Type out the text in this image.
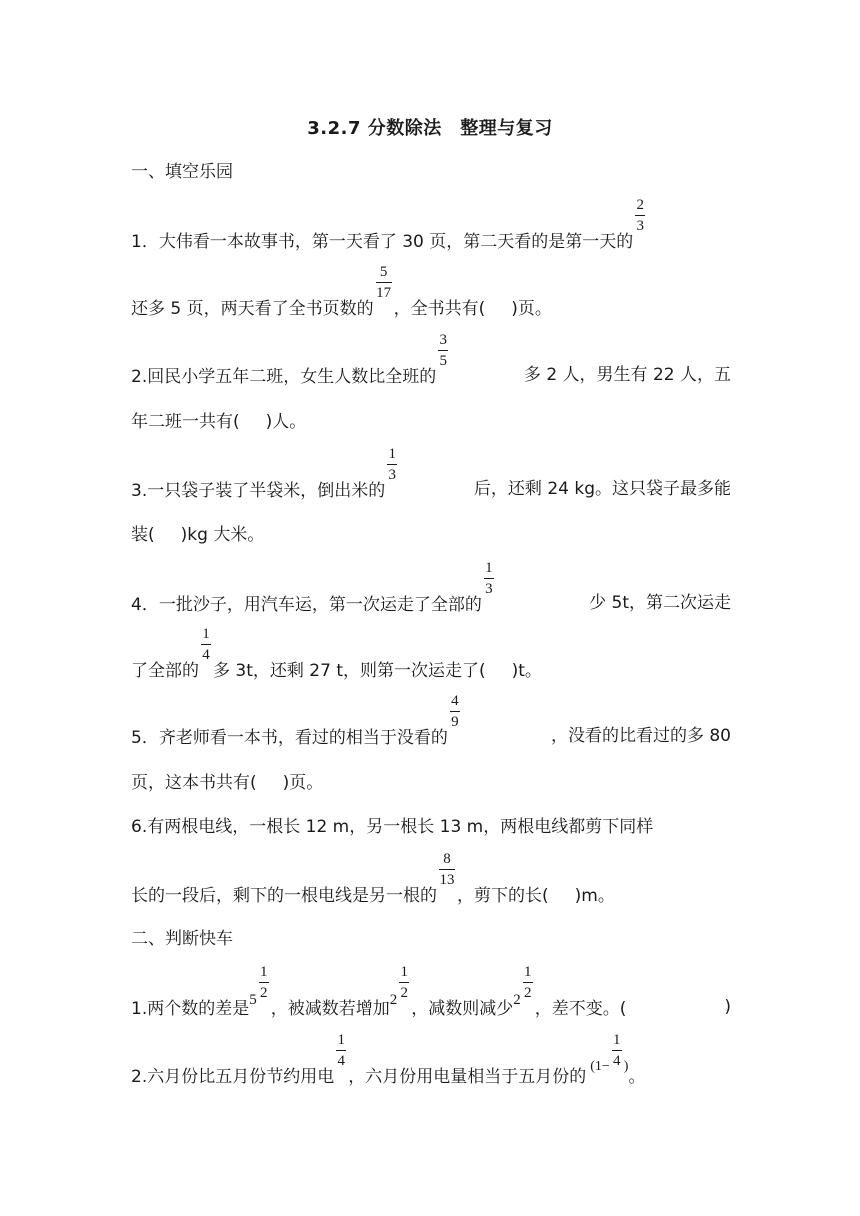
3.2.7 分数除法　整理与复习
一、填空乐园
1．大伟看一本故事书，第一天看了 30 页，第二天看的是第一天的 $\frac{2}{3}$
还多 5 页，两天看了全书页数的 $\frac{5}{17}$ ，全书共有( )页。
2.回民小学五年二班，女生人数比全班的 $\frac{3}{5}$	多 2 人，男生有 22 人，五
年二班一共有( )人。
3.一只袋子装了半袋米，倒出米的 $\frac{1}{3}$	后，还剩 24 kg。这只袋子最多能
装( )kg 大米。
4．一批沙子，用汽车运，第一次运走了全部的 $\frac{1}{3}$	少 5t，第二次运走
了全部的 $\frac{1}{4}$ 多 3t，还剩 27 t，则第一次运走了( )t。
5．齐老师看一本书，看过的相当于没看的 $\frac{4}{9}$	，没看的比看过的多 80
页，这本书共有( )页。
6.有两根电线，一根长 12 m，另一根长 13 m，两根电线都剪下同样
长的一段后，剩下的一根电线是另一根的 $\frac{8}{13}$ ，剪下的长( )m。
二、判断快车
1.两个数的差是$5 \frac{1}{2}$ ，被减数若增加$2 \frac{1}{2}$ ，减数则减少$2 \frac{1}{2}$ ，差不变。(	)
2.六月份比五月份节约用电 $\frac{1}{4}$ ，六月份用电量相当于五月份的$^{(1-} \frac{1}{4} ^)$。
